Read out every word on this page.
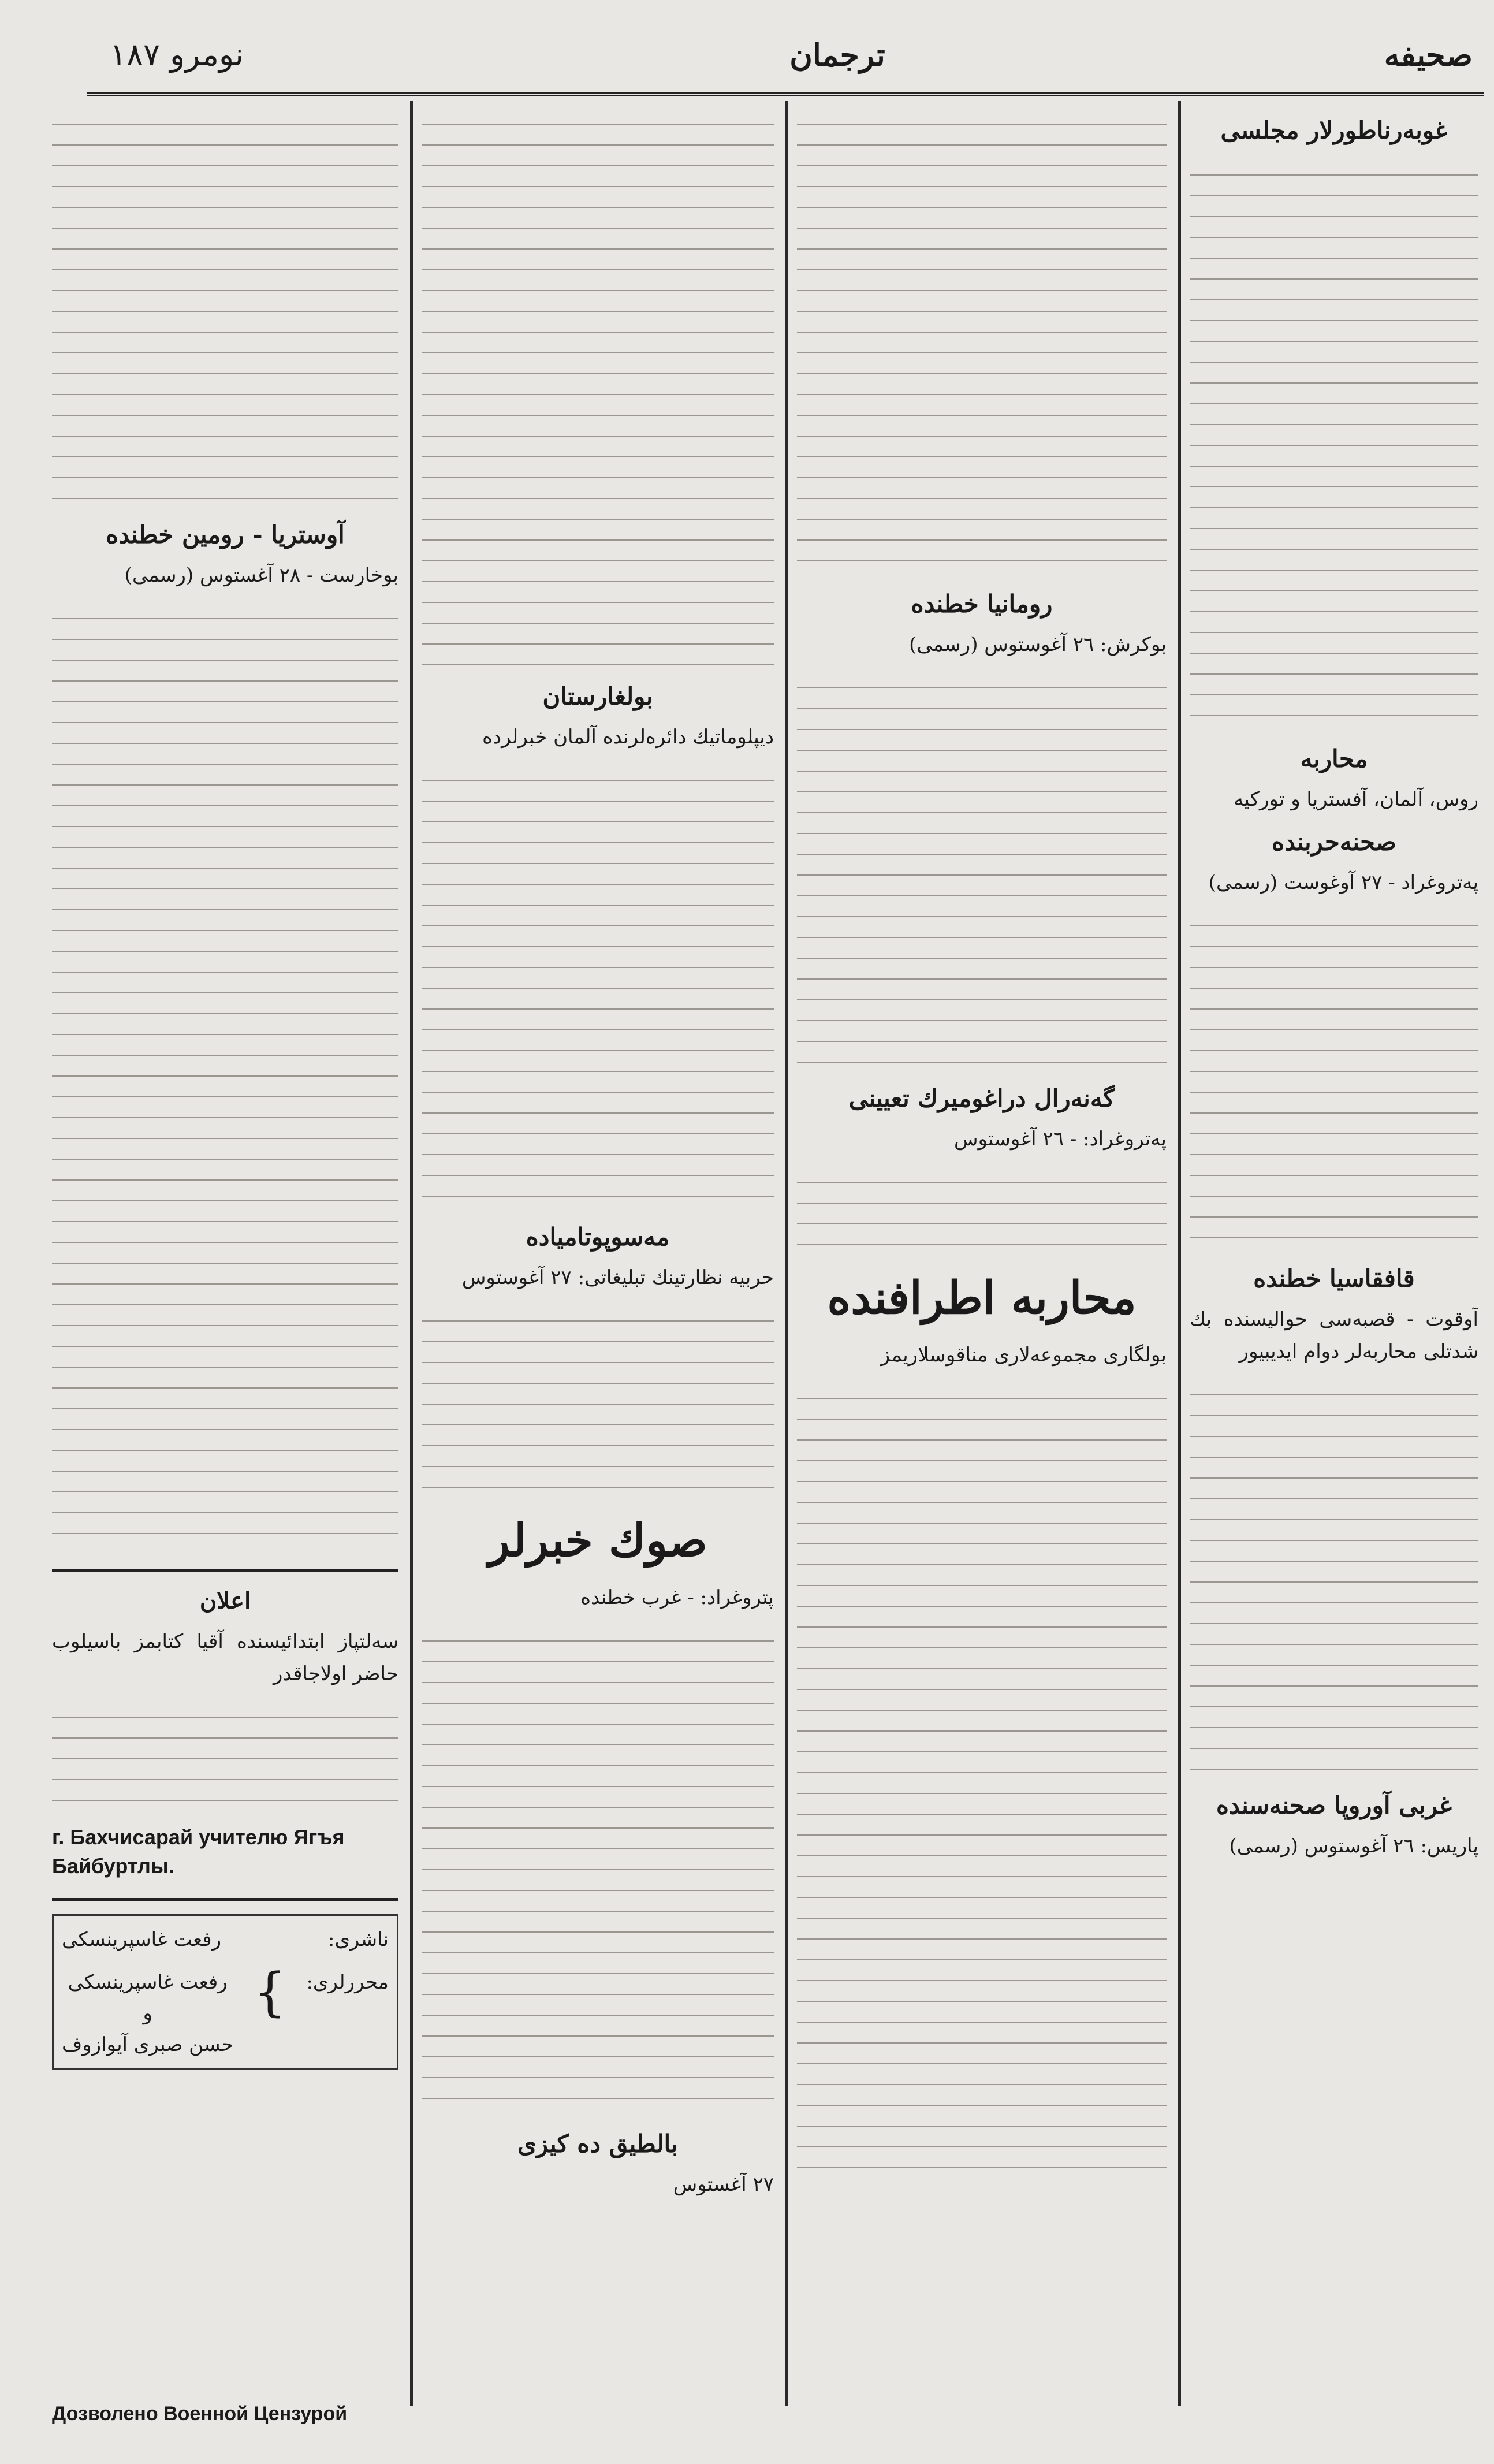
نومرو ۱۸۷	ترجمان	صحیفه
غوبه‌رناطورلار مجلسی
محاربه
روس، آلمان، آفستریا و تورکیه
صحنه‌حربنده
پەتروغراد - ۲۷ آوغوست (رسمی)
قافقاسیا خطنده
آوقوت - قصبه‌سی حوالیسنده بك شدتلی محاربه‌لر دوام ایدیبیور
غربی آوروپا صحنه‌سنده
پاریس: ۲٦ آغوستوس (رسمی)
رومانیا خطنده
بوکرش: ۲٦ آغوستوس (رسمی)
گه‌نه‌رال دراغومیرك تعیینی
پەتروغراد: - ۲٦ آغوستوس
محاربه اطرافنده
بولگاری مجموعه‌لاری مناقوسلاریمز
بولغارستان
دیپلوماتیك دائره‌لرنده آلمان خبرلرده
مه‌سوپوتامیاده
حربیه نظارتینك تبلیغاتی: ۲۷ آغوستوس
صوك خبرلر
پتروغراد: - غرب خطنده
بالطیق ده کیزی
۲۷ آغستوس
آوستریا - رومین خطنده
بوخارست - ۲۸ آغستوس (رسمی)
اعلان
سه‌لتپاز ابتدائیسنده آقیا کتابمز باسیلوب حاضر اولاجاقدر
г. Бахчисарай учителю Ягъя Байбуртлы.
ناشری:
رفعت غاسپرینسکی
محرر‌لری:
}
رفعت غاسپرینسکی
و
حسن صبری آیوازوف
Дозволено Военной Цензурой
